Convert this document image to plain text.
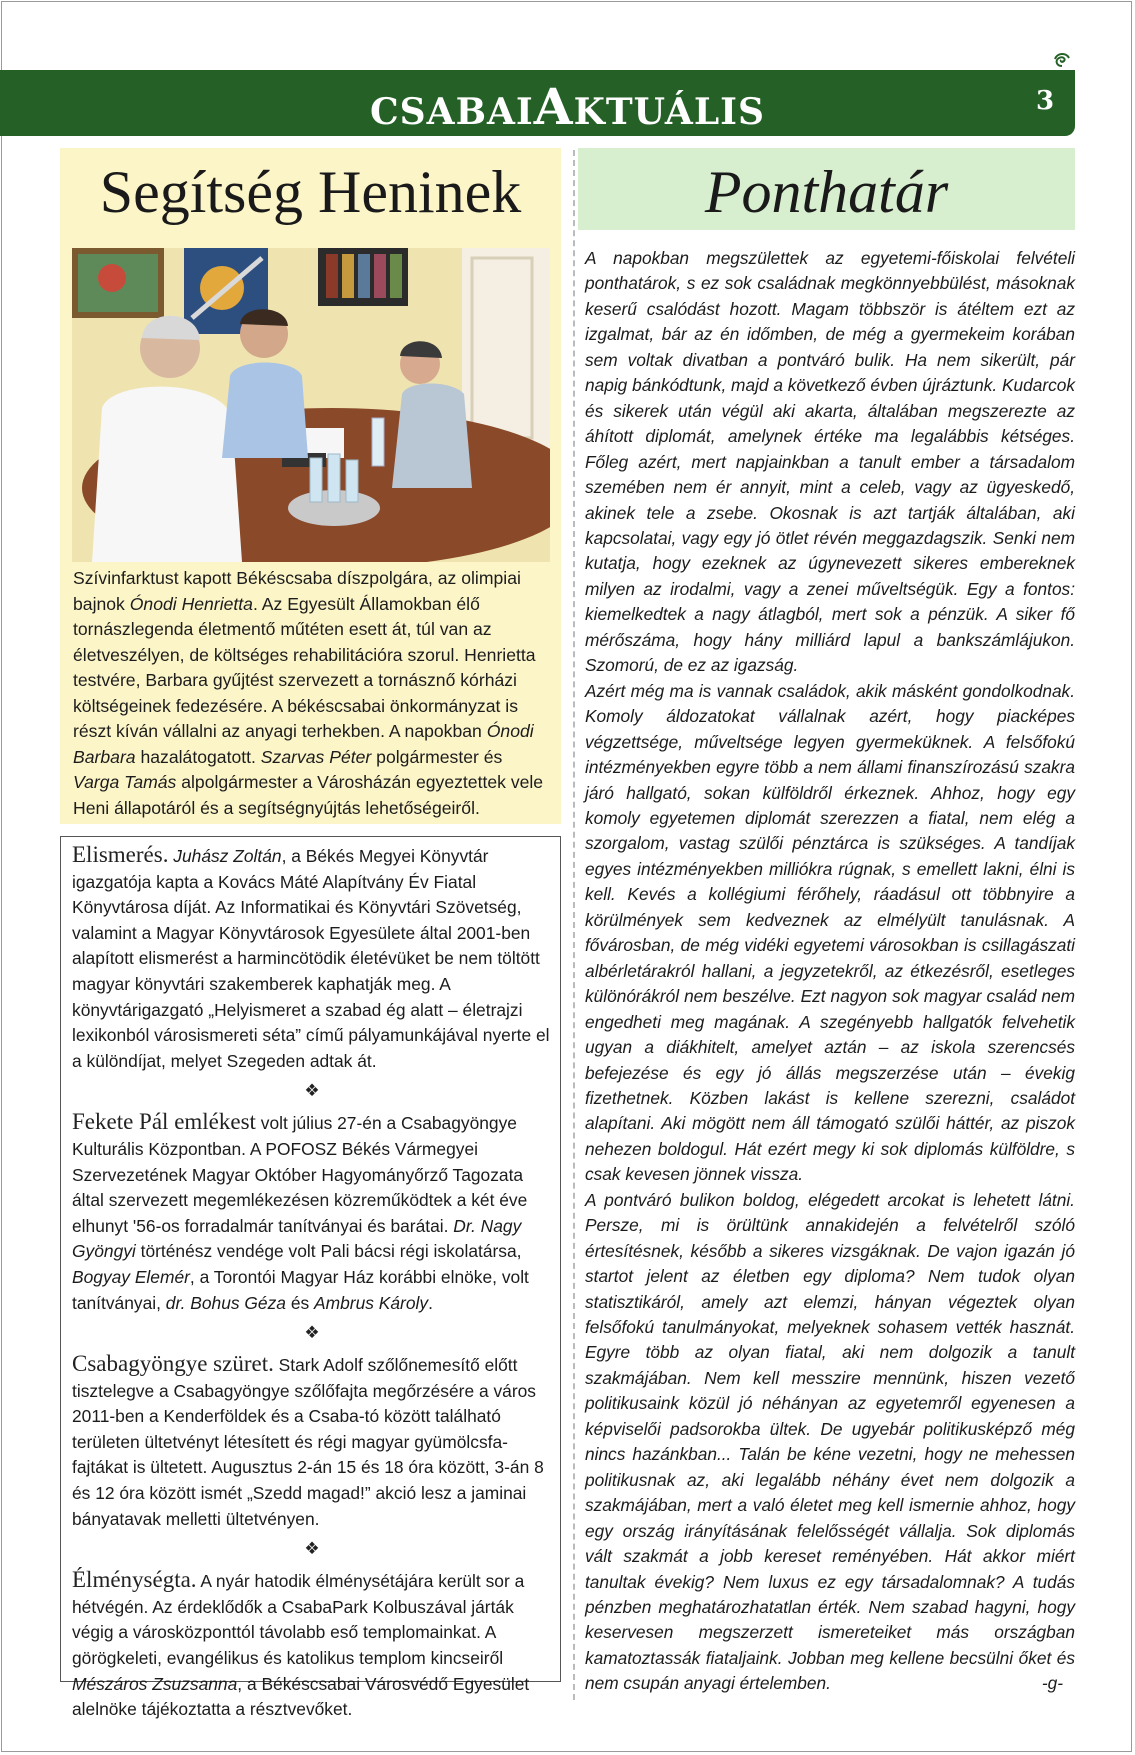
CSABAIAKTUÁLIS	3
Segítség Heninek
Szívinfarktust kapott Békéscsaba díszpolgára, az olimpiai bajnok Ónodi Henrietta. Az Egyesült Államokban élő tornászlegenda életmentő műtéten esett át, túl van az életveszélyen, de költséges rehabilitációra szorul. Henrietta testvére, Barbara gyűjtést szervezett a tornásznő kórházi költségeinek fedezésére. A békéscsabai önkormányzat is részt kíván vállalni az anyagi terhekben. A napokban Ónodi Barbara hazalátogatott. Szarvas Péter polgármester és Varga Tamás alpolgármester a Városházán egyeztettek vele Heni állapotáról és a segítségnyújtás lehetőségeiről.

Elismerés. Juhász Zoltán, a Békés Megyei Könyvtár igazgatója kapta a Kovács Máté Alapítvány Év Fiatal Könyvtárosa díját. Az Informatikai és Könyvtári Szövetség, valamint a Magyar Könyvtárosok Egyesülete által 2001-ben alapított elismerést a harmincötödik életévüket be nem töltött magyar könyvtári szakemberek kaphatják meg. A könyvtárigazgató „Helyismeret a szabad ég alatt – életrajzi lexikonból városismereti séta” című pályamunkájával nyerte el a különdíjat, melyet Szegeden adtak át.

❖

Fekete Pál emlékest volt július 27-én a Csabagyöngye Kulturális Központban. A POFOSZ Békés Vármegyei Szervezetének Magyar Október Hagyományőrző Tagozata által szervezett megemlékezésen közreműködtek a két éve elhunyt '56-os forradalmár tanítványai és barátai. Dr. Nagy Gyöngyi történész vendége volt Pali bácsi régi iskolatársa, Bogyay Elemér, a Torontói Magyar Ház korábbi elnöke, volt tanítványai, dr. Bohus Géza és Ambrus Károly.

❖

Csabagyöngye szüret. Stark Adolf szőlőnemesítő előtt tisztelegve a Csabagyöngye szőlőfajta megőrzésére a város 2011-ben a Kenderföldek és a Csaba-tó között található területen ültetvényt létesített és régi magyar gyümölcsfa-fajtákat is ültetett. Augusztus 2-án 15 és 18 óra között, 3-án 8 és 12 óra között ismét „Szedd magad!” akció lesz a jaminai bányatavak melletti ültetvényen.

❖

Élménységta. A nyár hatodik élménysétájára került sor a hétvégén. Az érdeklődők a CsabaPark Kolbuszával járták végig a városközponttól távolabb eső templomainkat. A görögkeleti, evangélikus és katolikus templom kincseiről Mészáros Zsuzsanna, a Békéscsabai Városvédő Egyesület alelnöke tájékoztatta a résztvevőket.

Ponthatár

A napokban megszülettek az egyetemi-főiskolai felvételi ponthatárok, s ez sok családnak megkönnyebbülést, másoknak keserű csalódást hozott. Magam többször is átéltem ezt az izgalmat, bár az én időmben, de még a gyermekeim korában sem voltak divatban a pontváró bulik. Ha nem sikerült, pár napig bánkódtunk, majd a következő évben újráztunk. Kudarcok és sikerek után végül aki akarta, általában megszerezte az áhított diplomát, amelynek értéke ma legalábbis kétséges. Főleg azért, mert napjainkban a tanult ember a társadalom szemében nem ér annyit, mint a celeb, vagy az ügyeskedő, akinek tele a zsebe. Okosnak is azt tartják általában, aki kapcsolatai, vagy egy jó ötlet révén meggazdagszik. Senki nem kutatja, hogy ezeknek az úgynevezett sikeres embereknek milyen az irodalmi, vagy a zenei műveltségük. Egy a fontos: kiemelkedtek a nagy átlagból, mert sok a pénzük. A siker fő mérőszáma, hogy hány milliárd lapul a bankszámlájukon. Szomorú, de ez az igazság.

Azért még ma is vannak családok, akik másként gondolkodnak. Komoly áldozatokat vállalnak azért, hogy piacképes végzettsége, műveltsége legyen gyermeküknek. A felsőfokú intézményekben egyre több a nem állami finanszírozású szakra járó hallgató, sokan külföldről érkeznek. Ahhoz, hogy egy komoly egyetemen diplomát szerezzen a fiatal, nem elég a szorgalom, vastag szülői pénztárca is szükséges. A tandíjak egyes intézményekben milliókra rúgnak, s emellett lakni, élni is kell. Kevés a kollégiumi férőhely, ráadásul ott többnyire a körülmények sem kedveznek az elmélyült tanulásnak. A fővárosban, de még vidéki egyetemi városokban is csillagászati albérletárakról hallani, a jegyzetekről, az étkezésről, esetleges különórákról nem beszélve. Ezt nagyon sok magyar család nem engedheti meg magának. A szegényebb hallgatók felvehetik ugyan a diákhitelt, amelyet aztán – az iskola szerencsés befejezése és egy jó állás megszerzése után – évekig fizethetnek. Közben lakást is kellene szerezni, családot alapítani. Aki mögött nem áll támogató szülői háttér, az piszok nehezen boldogul. Hát ezért megy ki sok diplomás külföldre, s csak kevesen jönnek vissza.

A pontváró bulikon boldog, elégedett arcokat is lehetett látni. Persze, mi is örültünk annakidején a felvételről szóló értesítésnek, később a sikeres vizsgáknak. De vajon igazán jó startot jelent az életben egy diploma? Nem tudok olyan statisztikáról, amely azt elemzi, hányan végeztek olyan felsőfokú tanulmányokat, melyeknek sohasem vették hasznát. Egyre több az olyan fiatal, aki nem dolgozik a tanult szakmájában. Nem kell messzire mennünk, hiszen vezető politikusaink közül jó néhányan az egyetemről egyenesen a képviselői padsorokba ültek. De ugyebár politikusképző még nincs hazánkban... Talán be kéne vezetni, hogy ne mehessen politikusnak az, aki legalább néhány évet nem dolgozik a szakmájában, mert a való életet meg kell ismernie ahhoz, hogy egy ország irányításának felelősségét vállalja. Sok diplomás vált szakmát a jobb kereset reményében. Hát akkor miért tanultak évekig? Nem luxus ez egy társadalomnak? A tudás pénzben meghatározhatatlan érték. Nem szabad hagyni, hogy keservesen megszerzett ismereteiket más országban kamatoztassák fiataljaink. Jobban meg kellene becsülni őket és nem csupán anyagi értelemben.	-g-
